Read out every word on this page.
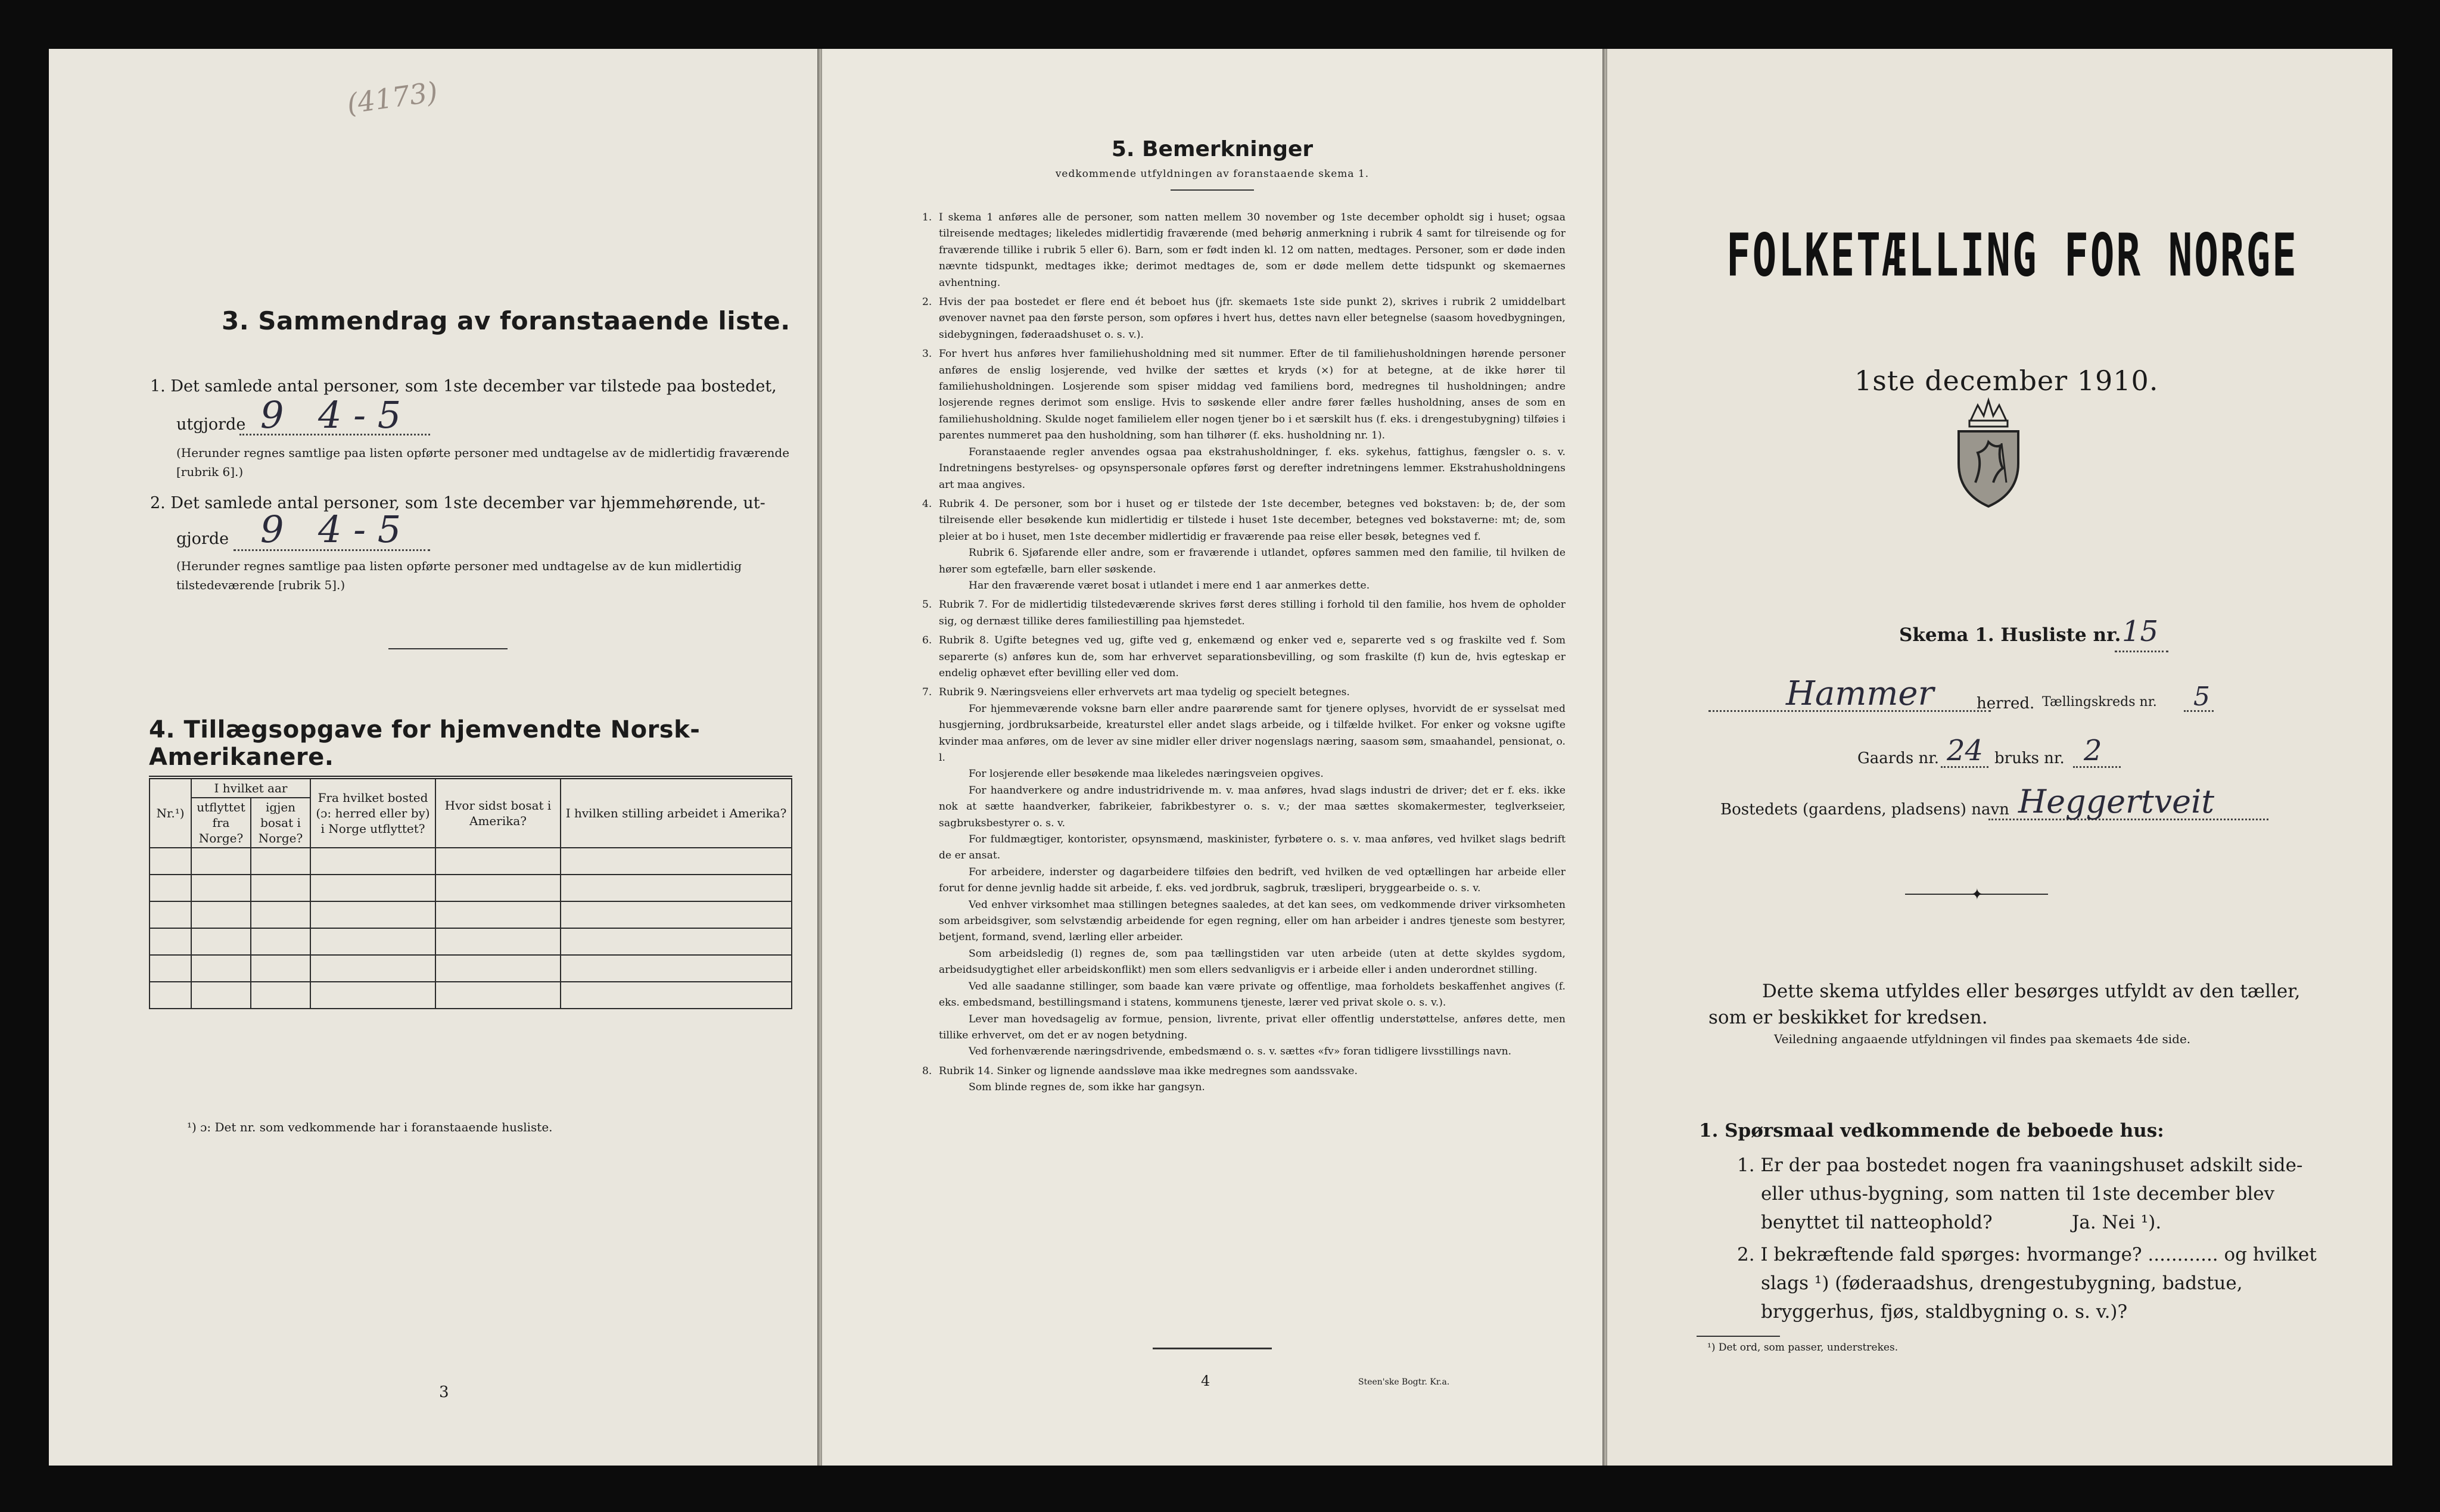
(4173)
3. Sammendrag av foranstaaende liste.
1. Det samlede antal personer, som 1ste december var tilstede paa bostedet,
utgjorde 9 4 - 5
(Herunder regnes samtlige paa listen opførte personer med undtagelse av de midlertidig fraværende [rubrik 6].)
2. Det samlede antal personer, som 1ste december var hjemmehørende, ut-
gjorde 9 4 - 5
(Herunder regnes samtlige paa listen opførte personer med undtagelse av de kun midlertidig tilstedeværende [rubrik 5].)
4. Tillægsopgave for hjemvendte Norsk-Amerikanere.
Nr.¹)	I hvilket aar		Fra hvilket bosted (ɔ: herred eller by) i Norge utflyttet?	Hvor sidst bosat i Amerika?	I hvilken stilling arbeidet i Amerika?
	utflyttet fra Norge?	igjen bosat i Norge?			

¹) ɔ: Det nr. som vedkommende har i foranstaaende husliste.
3
5. Bemerkninger
vedkommende utfyldningen av foranstaaende skema 1.
1. I skema 1 anføres alle de personer, som natten mellem 30 november og 1ste december opholdt sig i huset; ogsaa tilreisende medtages; likeledes midlertidig fraværende (med behørig anmerkning i rubrik 4 samt for tilreisende og for fraværende tillike i rubrik 5 eller 6). Barn, som er født inden kl. 12 om natten, medtages. Personer, som er døde inden nævnte tidspunkt, medtages ikke; derimot medtages de, som er døde mellem dette tidspunkt og skemaernes avhentning.

2. Hvis der paa bostedet er flere end ét beboet hus (jfr. skemaets 1ste side punkt 2), skrives i rubrik 2 umiddelbart øvenover navnet paa den første person, som opføres i hvert hus, dettes navn eller betegnelse (saasom hovedbygningen, sidebygningen, føderaadshuset o. s. v.).

3. For hvert hus anføres hver familiehusholdning med sit nummer. Efter de til familiehusholdningen hørende personer anføres de enslig losjerende, ved hvilke der sættes et kryds (×) for at betegne, at de ikke hører til familiehusholdningen. Losjerende som spiser middag ved familiens bord, medregnes til husholdningen; andre losjerende regnes derimot som enslige. Hvis to søskende eller andre fører fælles husholdning, anses de som en familiehusholdning. Skulde noget familielem eller nogen tjener bo i et særskilt hus (f. eks. i drengestubygning) tilføies i parentes nummeret paa den husholdning, som han tilhører (f. eks. husholdning nr. 1).

Foranstaaende regler anvendes ogsaa paa ekstrahusholdninger, f. eks. sykehus, fattighus, fængsler o. s. v. Indretningens bestyrelses- og opsynspersonale opføres først og derefter indretningens lemmer. Ekstrahusholdningens art maa angives.

4. Rubrik 4. De personer, som bor i huset og er tilstede der 1ste december, betegnes ved bokstaven: b; de, der som tilreisende eller besøkende kun midlertidig er tilstede i huset 1ste december, betegnes ved bokstaverne: mt; de, som pleier at bo i huset, men 1ste december midlertidig er fraværende paa reise eller besøk, betegnes ved f.

Rubrik 6. Sjøfarende eller andre, som er fraværende i utlandet, opføres sammen med den familie, til hvilken de hører som egtefælle, barn eller søskende.

Har den fraværende været bosat i utlandet i mere end 1 aar anmerkes dette.

5. Rubrik 7. For de midlertidig tilstedeværende skrives først deres stilling i forhold til den familie, hos hvem de opholder sig, og dernæst tillike deres familiestilling paa hjemstedet.

6. Rubrik 8. Ugifte betegnes ved ug, gifte ved g, enkemænd og enker ved e, separerte ved s og fraskilte ved f. Som separerte (s) anføres kun de, som har erhvervet separationsbevilling, og som fraskilte (f) kun de, hvis egteskap er endelig ophævet efter bevilling eller ved dom.

7. Rubrik 9. Næringsveiens eller erhvervets art maa tydelig og specielt betegnes.

For hjemmeværende voksne barn eller andre paarørende samt for tjenere oplyses, hvorvidt de er sysselsat med husgjerning, jordbruksarbeide, kreaturstel eller andet slags arbeide, og i tilfælde hvilket. For enker og voksne ugifte kvinder maa anføres, om de lever av sine midler eller driver nogenslags næring, saasom søm, smaahandel, pensionat, o. l.

For losjerende eller besøkende maa likeledes næringsveien opgives.

For haandverkere og andre industridrivende m. v. maa anføres, hvad slags industri de driver; det er f. eks. ikke nok at sætte haandverker, fabrikeier, fabrikbestyrer o. s. v.; der maa sættes skomakermester, teglverkseier, sagbruksbestyrer o. s. v.

For fuldmægtiger, kontorister, opsynsmænd, maskinister, fyrbøtere o. s. v. maa anføres, ved hvilket slags bedrift de er ansat.

For arbeidere, inderster og dagarbeidere tilføies den bedrift, ved hvilken de ved optællingen har arbeide eller forut for denne jevnlig hadde sit arbeide, f. eks. ved jordbruk, sagbruk, træsliperi, bryggearbeide o. s. v.

Ved enhver virksomhet maa stillingen betegnes saaledes, at det kan sees, om vedkommende driver virksomheten som arbeidsgiver, som selvstændig arbeidende for egen regning, eller om han arbeider i andres tjeneste som bestyrer, betjent, formand, svend, lærling eller arbeider.

Som arbeidsledig (l) regnes de, som paa tællingstiden var uten arbeide (uten at dette skyldes sygdom, arbeidsudygtighet eller arbeidskonflikt) men som ellers sedvanligvis er i arbeide eller i anden underordnet stilling.

Ved alle saadanne stillinger, som baade kan være private og offentlige, maa forholdets beskaffenhet angives (f. eks. embedsmand, bestillingsmand i statens, kommunens tjeneste, lærer ved privat skole o. s. v.).

Lever man hovedsagelig av formue, pension, livrente, privat eller offentlig understøttelse, anføres dette, men tillike erhvervet, om det er av nogen betydning.

Ved forhenværende næringsdrivende, embedsmænd o. s. v. sættes «fv» foran tidligere livsstillings navn.

8. Rubrik 14. Sinker og lignende aandssløve maa ikke medregnes som aandssvake.

Som blinde regnes de, som ikke har gangsyn.

4	Steen'ske Bogtr. Kr.a.
FOLKETÆLLING FOR NORGE
1ste december 1910.
Skema 1. Husliste nr. 15
Hammer	herred. Tællingskreds nr. 5
Gaards nr. 24 bruks nr. 2
Bostedets (gaardens, pladsens) navn Heggertveit
✦
Dette skema utfyldes eller besørges utfyldt av den tæller, som er beskikket for kredsen.
Veiledning angaaende utfyldningen vil findes paa skemaets 4de side.
1. Spørsmaal vedkommende de beboede hus:
1. Er der paa bostedet nogen fra vaaningshuset adskilt side- eller uthus-bygning, som natten til 1ste december blev benyttet til natteophold?	Ja. Nei ¹).
2. I bekræftende fald spørges: hvormange? ............ og hvilket slags ¹) (føderaadshus, drengestubygning, badstue, bryggerhus, fjøs, staldbygning o. s. v.)?
¹) Det ord, som passer, understrekes.
